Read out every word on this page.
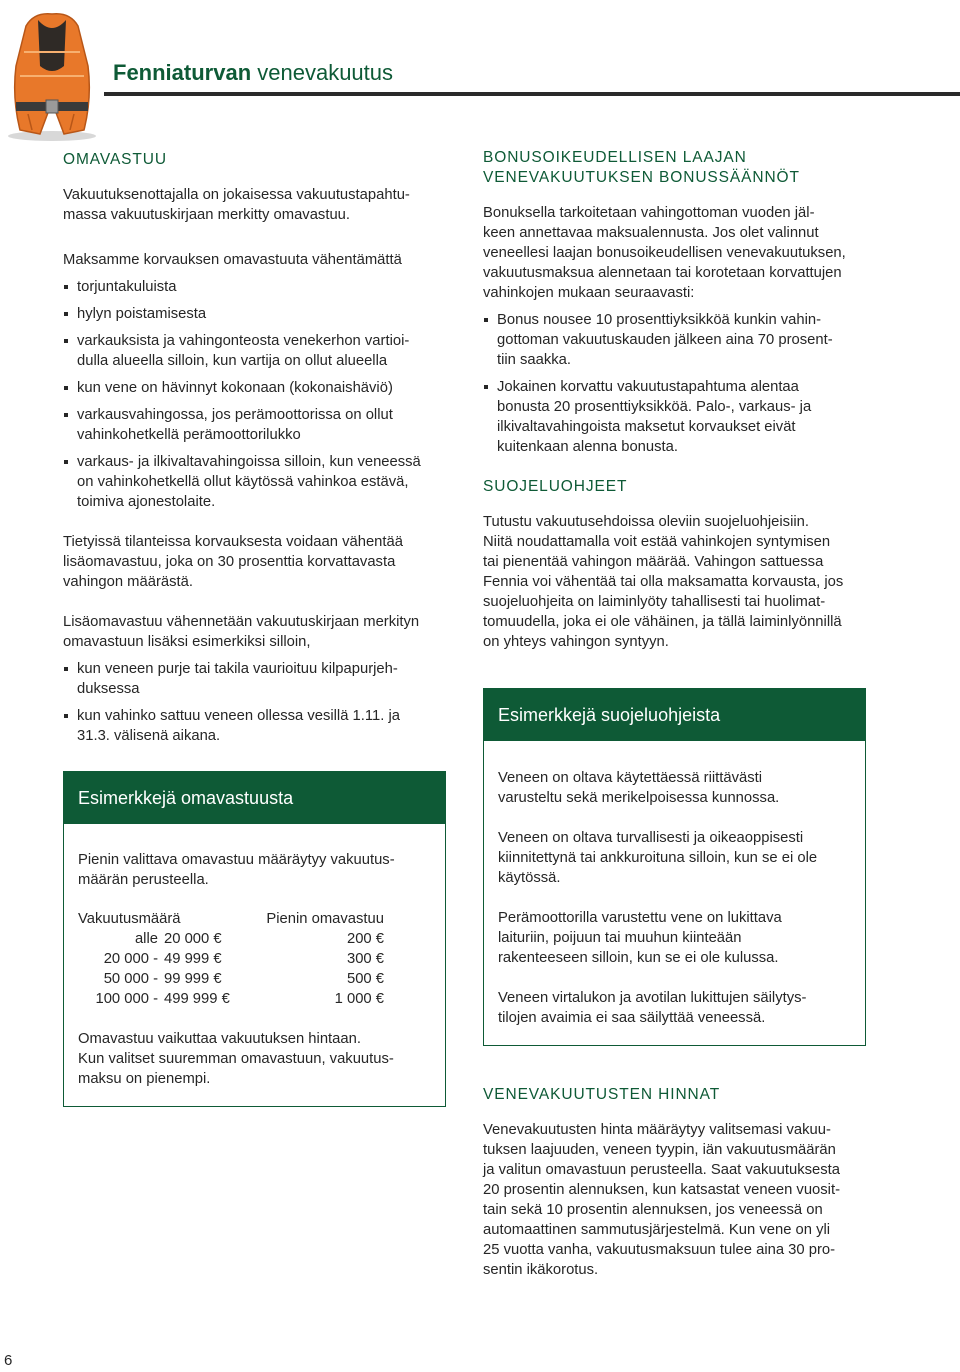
Fenniaturvan venevakuutus
OMAVASTUU

Vakuutuksenottajalla on jokaisessa vakuutustapahtu-
massa vakuutuskirjaan merkitty omavastuu.

Maksamme korvauksen omavastuuta vähentämättä

torjuntakuluista
hylyn poistamisesta
varkauksista ja vahingonteosta venekerhon vartioi-
dulla alueella silloin, kun vartija on ollut alueella
kun vene on hävinnyt kokonaan (kokonaishäviö)
varkausvahingossa, jos perämoottorissa on ollut
vahinkohetkellä perämoottorilukko
varkaus- ja ilkivaltavahingoissa silloin, kun veneessä
on vahinkohetkellä ollut käytössä vahinkoa estävä,
toimiva ajonestolaite.

Tietyissä tilanteissa korvauksesta voidaan vähentää
lisäomavastuu, joka on 30 prosenttia korvattavasta
vahingon määrästä.

Lisäomavastuu vähennetään vakuutuskirjaan merkityn
omavastuun lisäksi esimerkiksi silloin,

kun veneen purje tai takila vaurioituu kilpapurjeh-
duksessa
kun vahinko sattuu veneen ollessa vesillä 1.11. ja
31.3. välisenä aikana.
Esimerkkejä omavastuusta

Pienin valittava omavastuu määräytyy vakuutus-
määrän perusteella.

Vakuutusmäärä		Pienin omavastuu
alle	20 000 €	200 €
20 000 -	49 999 €	300 €
50 000 -	99 999 €	500 €
100 000 -	499 999 €	1 000 €

Omavastuu vaikuttaa vakuutuksen hintaan.
Kun valitset suuremman omavastuun, vakuutus-
maksu on pienempi.

BONUSOIKEUDELLISEN LAAJAN
VENEVAKUUTUKSEN BONUSSÄÄNNÖT

Bonuksella tarkoitetaan vahingottoman vuoden jäl-
keen annettavaa maksualennusta. Jos olet valinnut
veneellesi laajan bonusoikeudellisen venevakuutuksen,
vakuutusmaksua alennetaan tai korotetaan korvattujen
vahinkojen mukaan seuraavasti:

Bonus nousee 10 prosenttiyksikköä kunkin vahin-
gottoman vakuutuskauden jälkeen aina 70 prosent-
tiin saakka.
Jokainen korvattu vakuutustapahtuma alentaa
bonusta 20 prosenttiyksikköä. Palo-, varkaus- ja
ilkivaltavahingoista maksetut korvaukset eivät
kuitenkaan alenna bonusta.
SUOJELUOHJEET

Tutustu vakuutusehdoissa oleviin suojeluohjeisiin.
Niitä noudattamalla voit estää vahinkojen syntymisen
tai pienentää vahingon määrää. Vahingon sattuessa
Fennia voi vähentää tai olla maksamatta korvausta, jos
suojeluohjeita on laiminlyöty tahallisesti tai huolimat-
tomuudella, joka ei ole vähäinen, ja tällä laiminlyönnillä
on yhteys vahingon syntyyn.

Esimerkkejä suojeluohjeista

Veneen on oltava käytettäessä riittävästi
varusteltu sekä merikelpoisessa kunnossa.

Veneen on oltava turvallisesti ja oikeaoppisesti
kiinnitettynä tai ankkuroituna silloin, kun se ei ole
käytössä.

Perämoottorilla varustettu vene on lukittava
laituriin, poijuun tai muuhun kiinteään
rakenteeseen silloin, kun se ei ole kulussa.

Veneen virtalukon ja avotilan lukittujen säilytys-
tilojen avaimia ei saa säilyttää veneessä.

VENEVAKUUTUSTEN HINNAT

Venevakuutusten hinta määräytyy valitsemasi vakuu-
tuksen laajuuden, veneen tyypin, iän vakuutusmäärän
ja valitun omavastuun perusteella. Saat vakuutuksesta
20 prosentin alennuksen, kun katsastat veneen vuosit-
tain sekä 10 prosentin alennuksen, jos veneessä on
automaattinen sammutusjärjestelmä. Kun vene on yli
25 vuotta vanha, vakuutusmaksuun tulee aina 30 pro-
sentin ikäkorotus.

6
